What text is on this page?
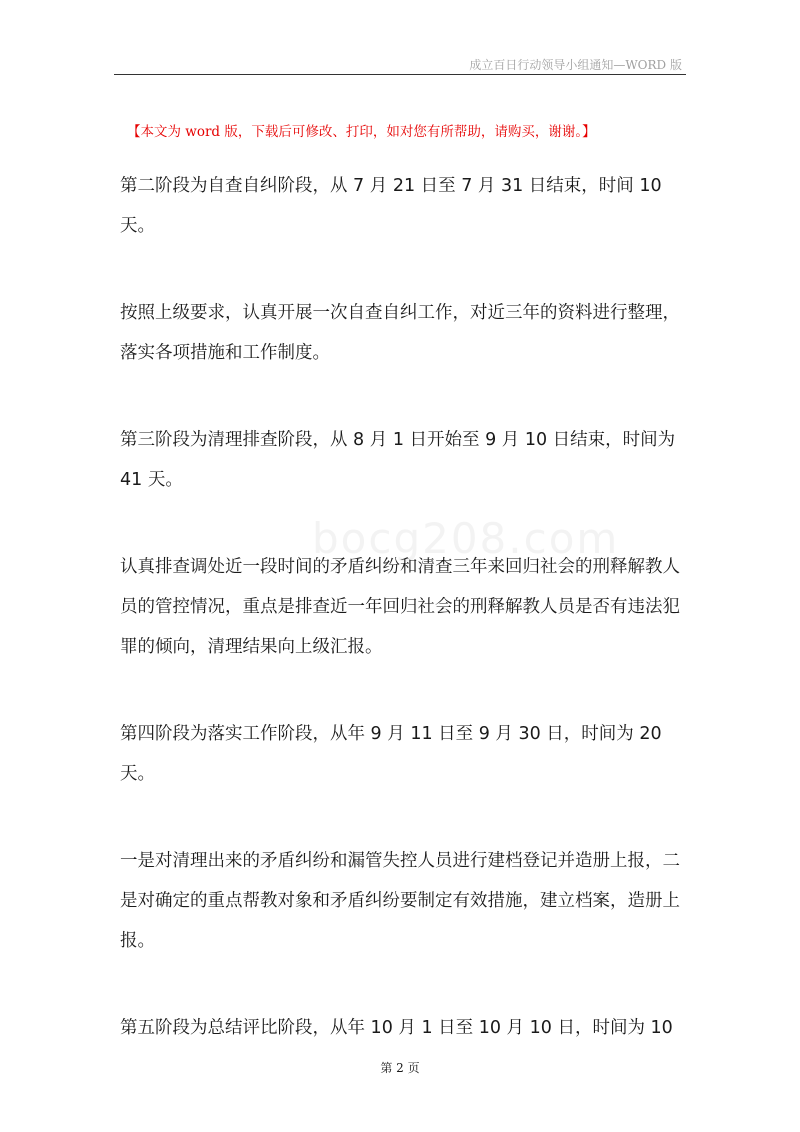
成立百日行动领导小组通知—WORD 版
【本文为 word 版，下载后可修改、打印，如对您有所帮助，请购买，谢谢。】
bocg208.com

第二阶段为自查自纠阶段，从 7 月 21 日至 7 月 31 日结束，时间 10 天。

按照上级要求，认真开展一次自查自纠工作，对近三年的资料进行整理，落实各项措施和工作制度。

第三阶段为清理排查阶段，从 8 月 1 日开始至 9 月 10 日结束，时间为 41 天。

认真排查调处近一段时间的矛盾纠纷和清查三年来回归社会的刑释解教人员的管控情况，重点是排查近一年回归社会的刑释解教人员是否有违法犯罪的倾向，清理结果向上级汇报。

第四阶段为落实工作阶段，从年 9 月 11 日至 9 月 30 日，时间为 20 天。

一是对清理出来的矛盾纠纷和漏管失控人员进行建档登记并造册上报，二是对确定的重点帮教对象和矛盾纠纷要制定有效措施，建立档案，造册上报。

第五阶段为总结评比阶段，从年 10 月 1 日至 10 月 10 日，时间为 10

第 2 页
